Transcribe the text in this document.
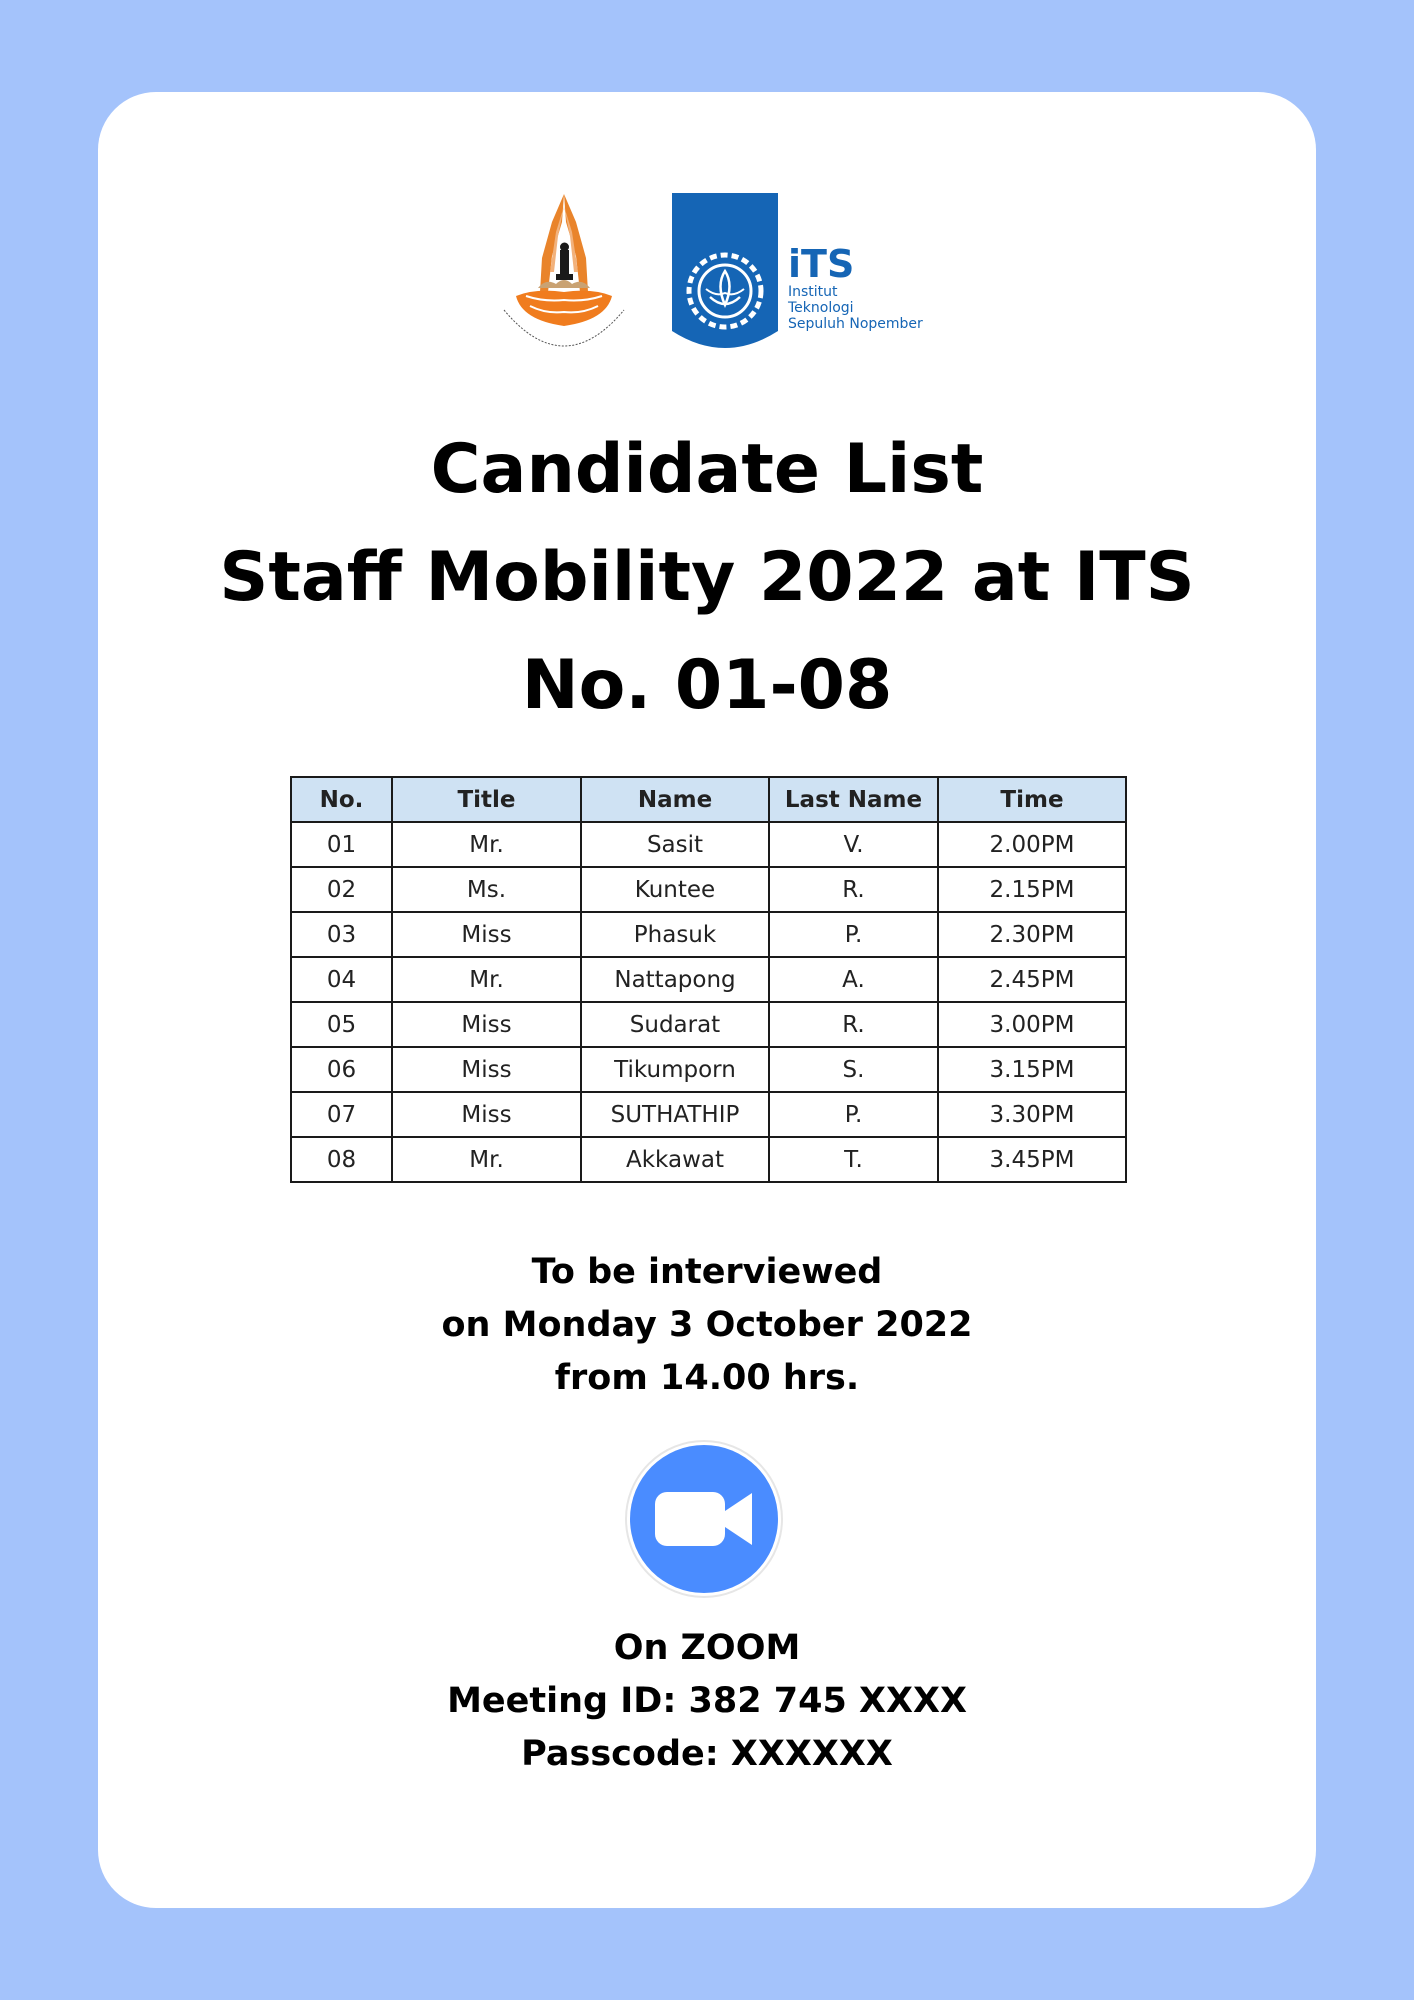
iTS
Institut
Teknologi
Sepuluh Nopember
Candidate List
Staff Mobility 2022 at ITS
No. 01-08
No.	Title	Name	Last Name	Time
01	Mr.	Sasit	V.	2.00PM
02	Ms.	Kuntee	R.	2.15PM
03	Miss	Phasuk	P.	2.30PM
04	Mr.	Nattapong	A.	2.45PM
05	Miss	Sudarat	R.	3.00PM
06	Miss	Tikumporn	S.	3.15PM
07	Miss	SUTHATHIP	P.	3.30PM
08	Mr.	Akkawat	T.	3.45PM
To be interviewed
on Monday 3 October 2022
from 14.00 hrs.
On ZOOM
Meeting ID: 382 745 XXXX
Passcode: XXXXXX
